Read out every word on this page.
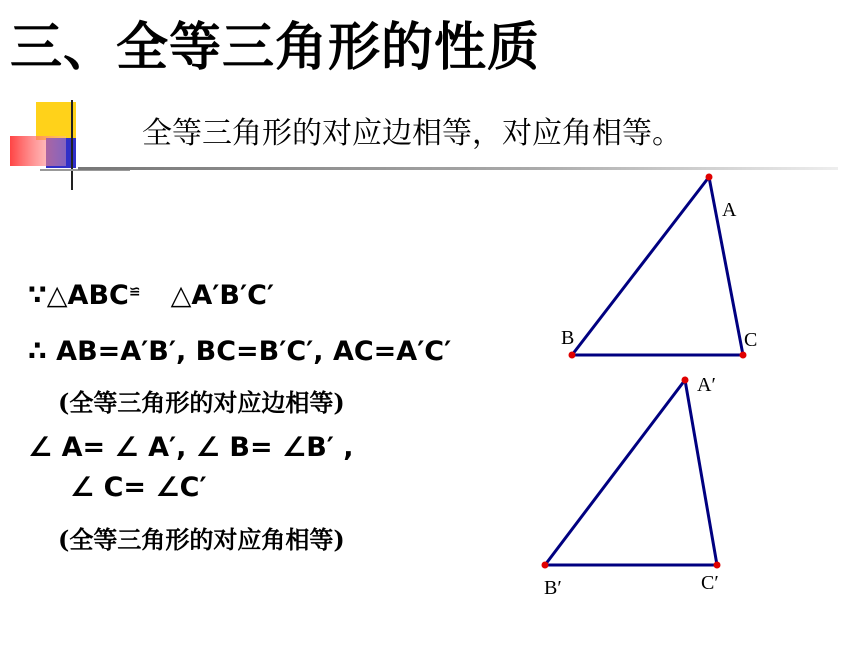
三、全等三角形的性质
全等三角形的对应边相等，对应角相等。
∵△ABC≌ △A′B′C′
∴ AB=A′B′, BC=B′C′, AC=A′C′
(全等三角形的对应边相等)
∠ A= ∠ A′, ∠ B= ∠B′ ,
∠ C= ∠C′
(全等三角形的对应角相等)
A
B	C
A′
B′	C′
